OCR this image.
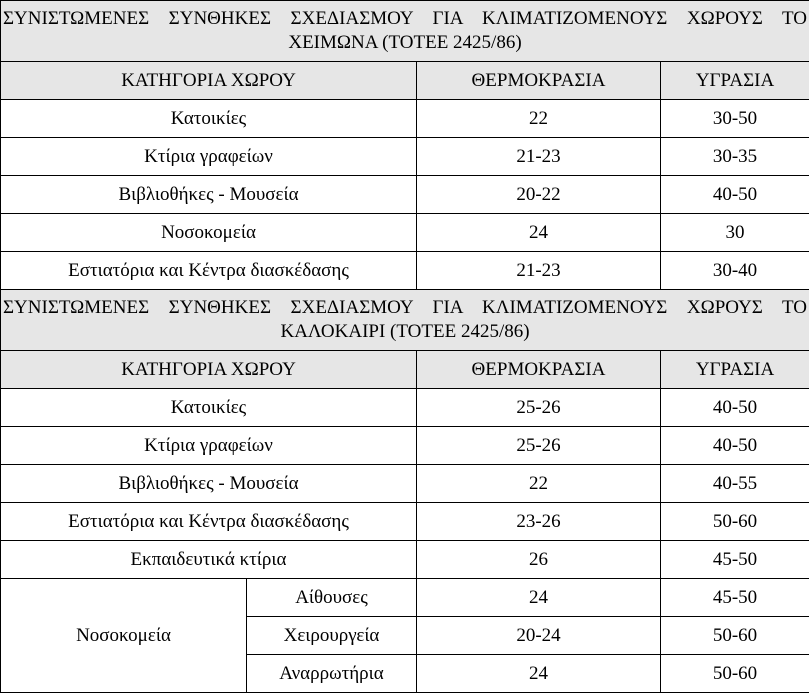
ΣΥΝΙΣΤΩΜΕΝΕΣ ΣΥΝΘΗΚΕΣ ΣΧΕΔΙΑΣΜΟΥ ΓΙΑ ΚΛΙΜΑΤΙΖΟΜΕΝΟΥΣ ΧΩΡΟΥΣ ΤΟ ΧΕΙΜΩΝΑ (ΤΟΤΕΕ 2425/86)			
ΚΑΤΗΓΟΡΙΑ ΧΩΡΟΥ		ΘΕΡΜΟΚΡΑΣΙΑ	ΥΓΡΑΣΙΑ
Κατοικίες		22	30-50
Κτίρια γραφείων		21-23	30-35
Βιβλιοθήκες - Μουσεία		20-22	40-50
Νοσοκομεία		24	30
Εστιατόρια και Κέντρα διασκέδασης		21-23	30-40
ΣΥΝΙΣΤΩΜΕΝΕΣ ΣΥΝΘΗΚΕΣ ΣΧΕΔΙΑΣΜΟΥ ΓΙΑ ΚΛΙΜΑΤΙΖΟΜΕΝΟΥΣ ΧΩΡΟΥΣ ΤΟ ΚΑΛΟΚΑΙΡΙ (ΤΟΤΕΕ 2425/86)			
ΚΑΤΗΓΟΡΙΑ ΧΩΡΟΥ		ΘΕΡΜΟΚΡΑΣΙΑ	ΥΓΡΑΣΙΑ
Κατοικίες		25-26	40-50
Κτίρια γραφείων		25-26	40-50
Βιβλιοθήκες - Μουσεία		22	40-55
Εστιατόρια και Κέντρα διασκέδασης		23-26	50-60
Εκπαιδευτικά κτίρια		26	45-50
Νοσοκομεία	Αίθουσες	24	45-50
	Χειρουργεία	20-24	50-60
	Αναρρωτήρια	24	50-60
